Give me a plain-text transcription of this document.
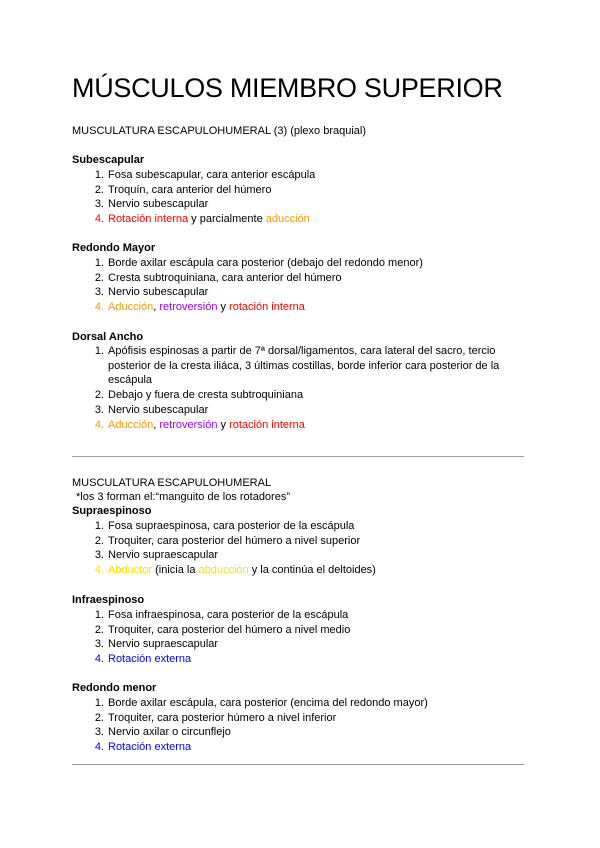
MÚSCULOS MIEMBRO SUPERIOR
MUSCULATURA ESCAPULOHUMERAL (3) (plexo braquial)
Subescapular
1. Fosa subescapular, cara anterior escápula
2. Troquín, cara anterior del húmero
3. Nervio subescapular
4. Rotación interna y parcialmente aducción
Redondo Mayor
1. Borde axilar escápula cara posterior (debajo del redondo menor)
2. Cresta subtroquiniana, cara anterior del húmero
3. Nervio subescapular
4. Aducción, retroversión y rotación interna
Dorsal Ancho
1. Apófisis espinosas a partir de 7ª dorsal/ligamentos, cara lateral del sacro, tercio posterior de la cresta iliáca, 3 últimas costillas, borde inferior cara posterior de la escápula
2. Debajo y fuera de cresta subtroquiniana
3. Nervio subescapular
4. Aducción, retroversión y rotación interna
MUSCULATURA ESCAPULOHUMERAL
*los 3 forman el:“manguito de los rotadores”
Supraespinoso
1. Fosa supraespinosa, cara posterior de la escápula
2. Troquiter, cara posterior del húmero a nivel superior
3. Nervio supraescapular
4. Abductor (inicia la abducción y la continúa el deltoides)
Infraespinoso
1. Fosa infraespinosa, cara posterior de la escápula
2. Troquiter, cara posterior del húmero a nivel medio
3. Nervio supraescapular
4. Rotación externa
Redondo menor
1. Borde axilar escápula, cara posterior (encima del redondo mayor)
2. Troquiter, cara posterior húmero a nivel inferior
3. Nervio axilar o circunflejo
4. Rotación externa
